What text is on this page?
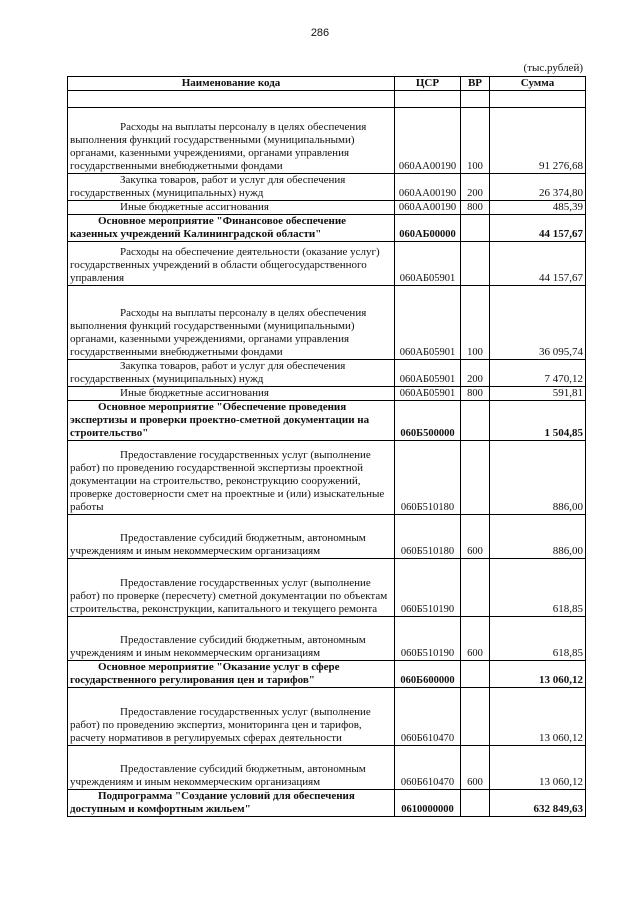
286
(тыс.рублей)
Наименование кода	ЦСР	ВР	Сумма

Расходы на выплаты персоналу в целях обеспечения выполнения функций государственными (муниципальными) органами, казенными учреждениями, органами управления государственными внебюджетными фондами	060АА00190	100	91 276,68
Закупка товаров, работ и услуг для обеспечения государственных (муниципальных) нужд	060АА00190	200	26 374,80
Иные бюджетные ассигнования	060АА00190	800	485,39
Основное мероприятие "Финансовое обеспечение казенных учреждений Калининградской области"	060АБ00000		44 157,67
Расходы на обеспечение деятельности (оказание услуг) государственных учреждений в области общегосударственного управления	060АБ05901		44 157,67
Расходы на выплаты персоналу в целях обеспечения выполнения функций государственными (муниципальными) органами, казенными учреждениями, органами управления государственными внебюджетными фондами	060АБ05901	100	36 095,74
Закупка товаров, работ и услуг для обеспечения государственных (муниципальных) нужд	060АБ05901	200	7 470,12
Иные бюджетные ассигнования	060АБ05901	800	591,81
Основное мероприятие "Обеспечение проведения экспертизы и проверки проектно-сметной документации на строительство"	060Б500000		1 504,85
Предоставление государственных услуг (выполнение работ) по проведению государственной экспертизы проектной документации на строительство, реконструкцию сооружений, проверке достоверности смет на проектные и (или) изыскательные работы	060Б510180		886,00
Предоставление субсидий бюджетным, автономным учреждениям и иным некоммерческим организациям	060Б510180	600	886,00
Предоставление государственных услуг (выполнение работ) по проверке (пересчету) сметной документации по объектам строительства, реконструкции, капитального и текущего ремонта	060Б510190		618,85
Предоставление субсидий бюджетным, автономным учреждениям и иным некоммерческим организациям	060Б510190	600	618,85
Основное мероприятие "Оказание услуг в сфере государственного регулирования цен и тарифов"	060Б600000		13 060,12
Предоставление государственных услуг (выполнение работ) по проведению экспертиз, мониторинга цен и тарифов, расчету нормативов в регулируемых сферах деятельности	060Б610470		13 060,12
Предоставление субсидий бюджетным, автономным учреждениям и иным некоммерческим организациям	060Б610470	600	13 060,12
Подпрограмма "Создание условий для обеспечения доступным и комфортным жильем"	0610000000		632 849,63
